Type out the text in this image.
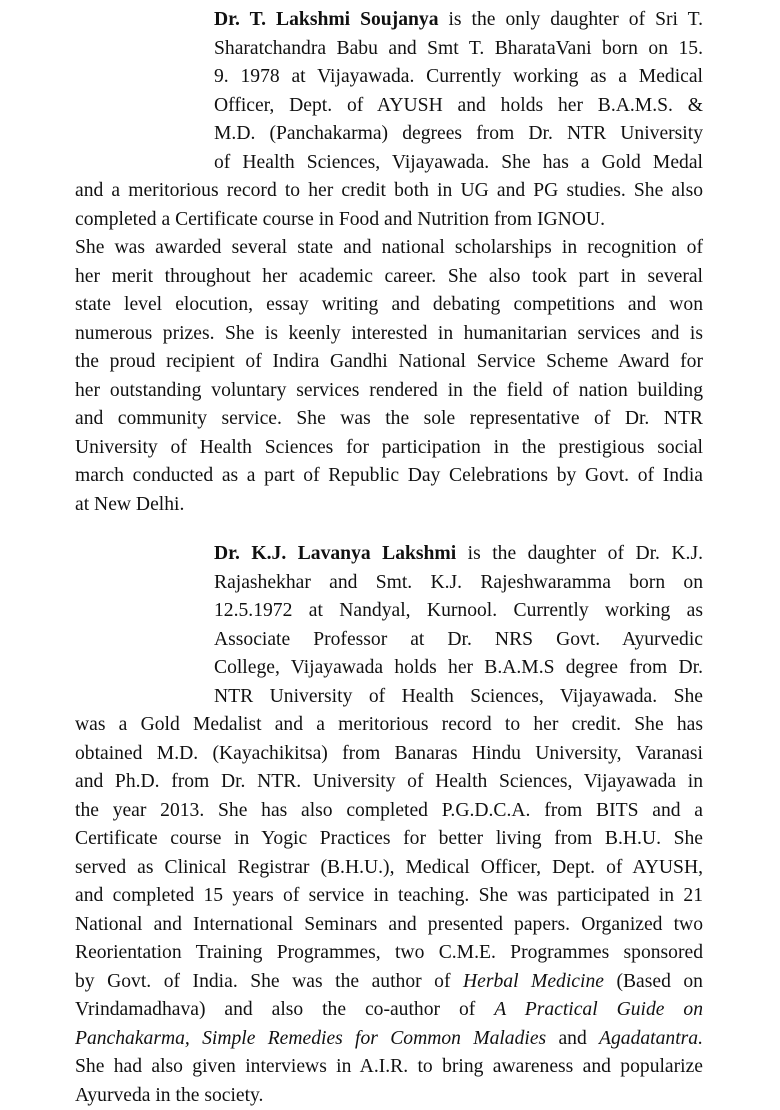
Dr. T. Lakshmi Soujanya is the only daughter of Sri T.
Sharatchandra Babu and Smt T. BharataVani born on 15.
9. 1978 at Vijayawada. Currently working as a Medical
Officer, Dept. of AYUSH and holds her B.A.M.S. &
M.D. (Panchakarma) degrees from Dr. NTR University
of Health Sciences, Vijayawada. She has a Gold Medal
and a meritorious record to her credit both in UG and PG studies. She also
completed a Certificate course in Food and Nutrition from IGNOU.
She was awarded several state and national scholarships in recognition of
her merit throughout her academic career. She also took part in several
state level elocution, essay writing and debating competitions and won
numerous prizes. She is keenly interested in humanitarian services and is
the proud recipient of Indira Gandhi National Service Scheme Award for
her outstanding voluntary services rendered in the field of nation building
and community service. She was the sole representative of Dr. NTR
University of Health Sciences for participation in the prestigious social
march conducted as a part of Republic Day Celebrations by Govt. of India
at New Delhi.
Dr. K.J. Lavanya Lakshmi is the daughter of Dr. K.J.
Rajashekhar and Smt. K.J. Rajeshwaramma born on
12.5.1972 at Nandyal, Kurnool. Currently working as
Associate Professor at Dr. NRS Govt. Ayurvedic
College, Vijayawada holds her B.A.M.S degree from Dr.
NTR University of Health Sciences, Vijayawada. She
was a Gold Medalist and a meritorious record to her credit. She has
obtained M.D. (Kayachikitsa) from Banaras Hindu University, Varanasi
and Ph.D. from Dr. NTR. University of Health Sciences, Vijayawada in
the year 2013. She has also completed P.G.D.C.A. from BITS and a
Certificate course in Yogic Practices for better living from B.H.U. She
served as Clinical Registrar (B.H.U.), Medical Officer, Dept. of AYUSH,
and completed 15 years of service in teaching. She was participated in 21
National and International Seminars and presented papers. Organized two
Reorientation Training Programmes, two C.M.E. Programmes sponsored
by Govt. of India. She was the author of Herbal Medicine (Based on
Vrindamadhava) and also the co-author of A Practical Guide on
Panchakarma, Simple Remedies for Common Maladies and Agadatantra.
She had also given interviews in A.I.R. to bring awareness and popularize
Ayurveda in the society.
